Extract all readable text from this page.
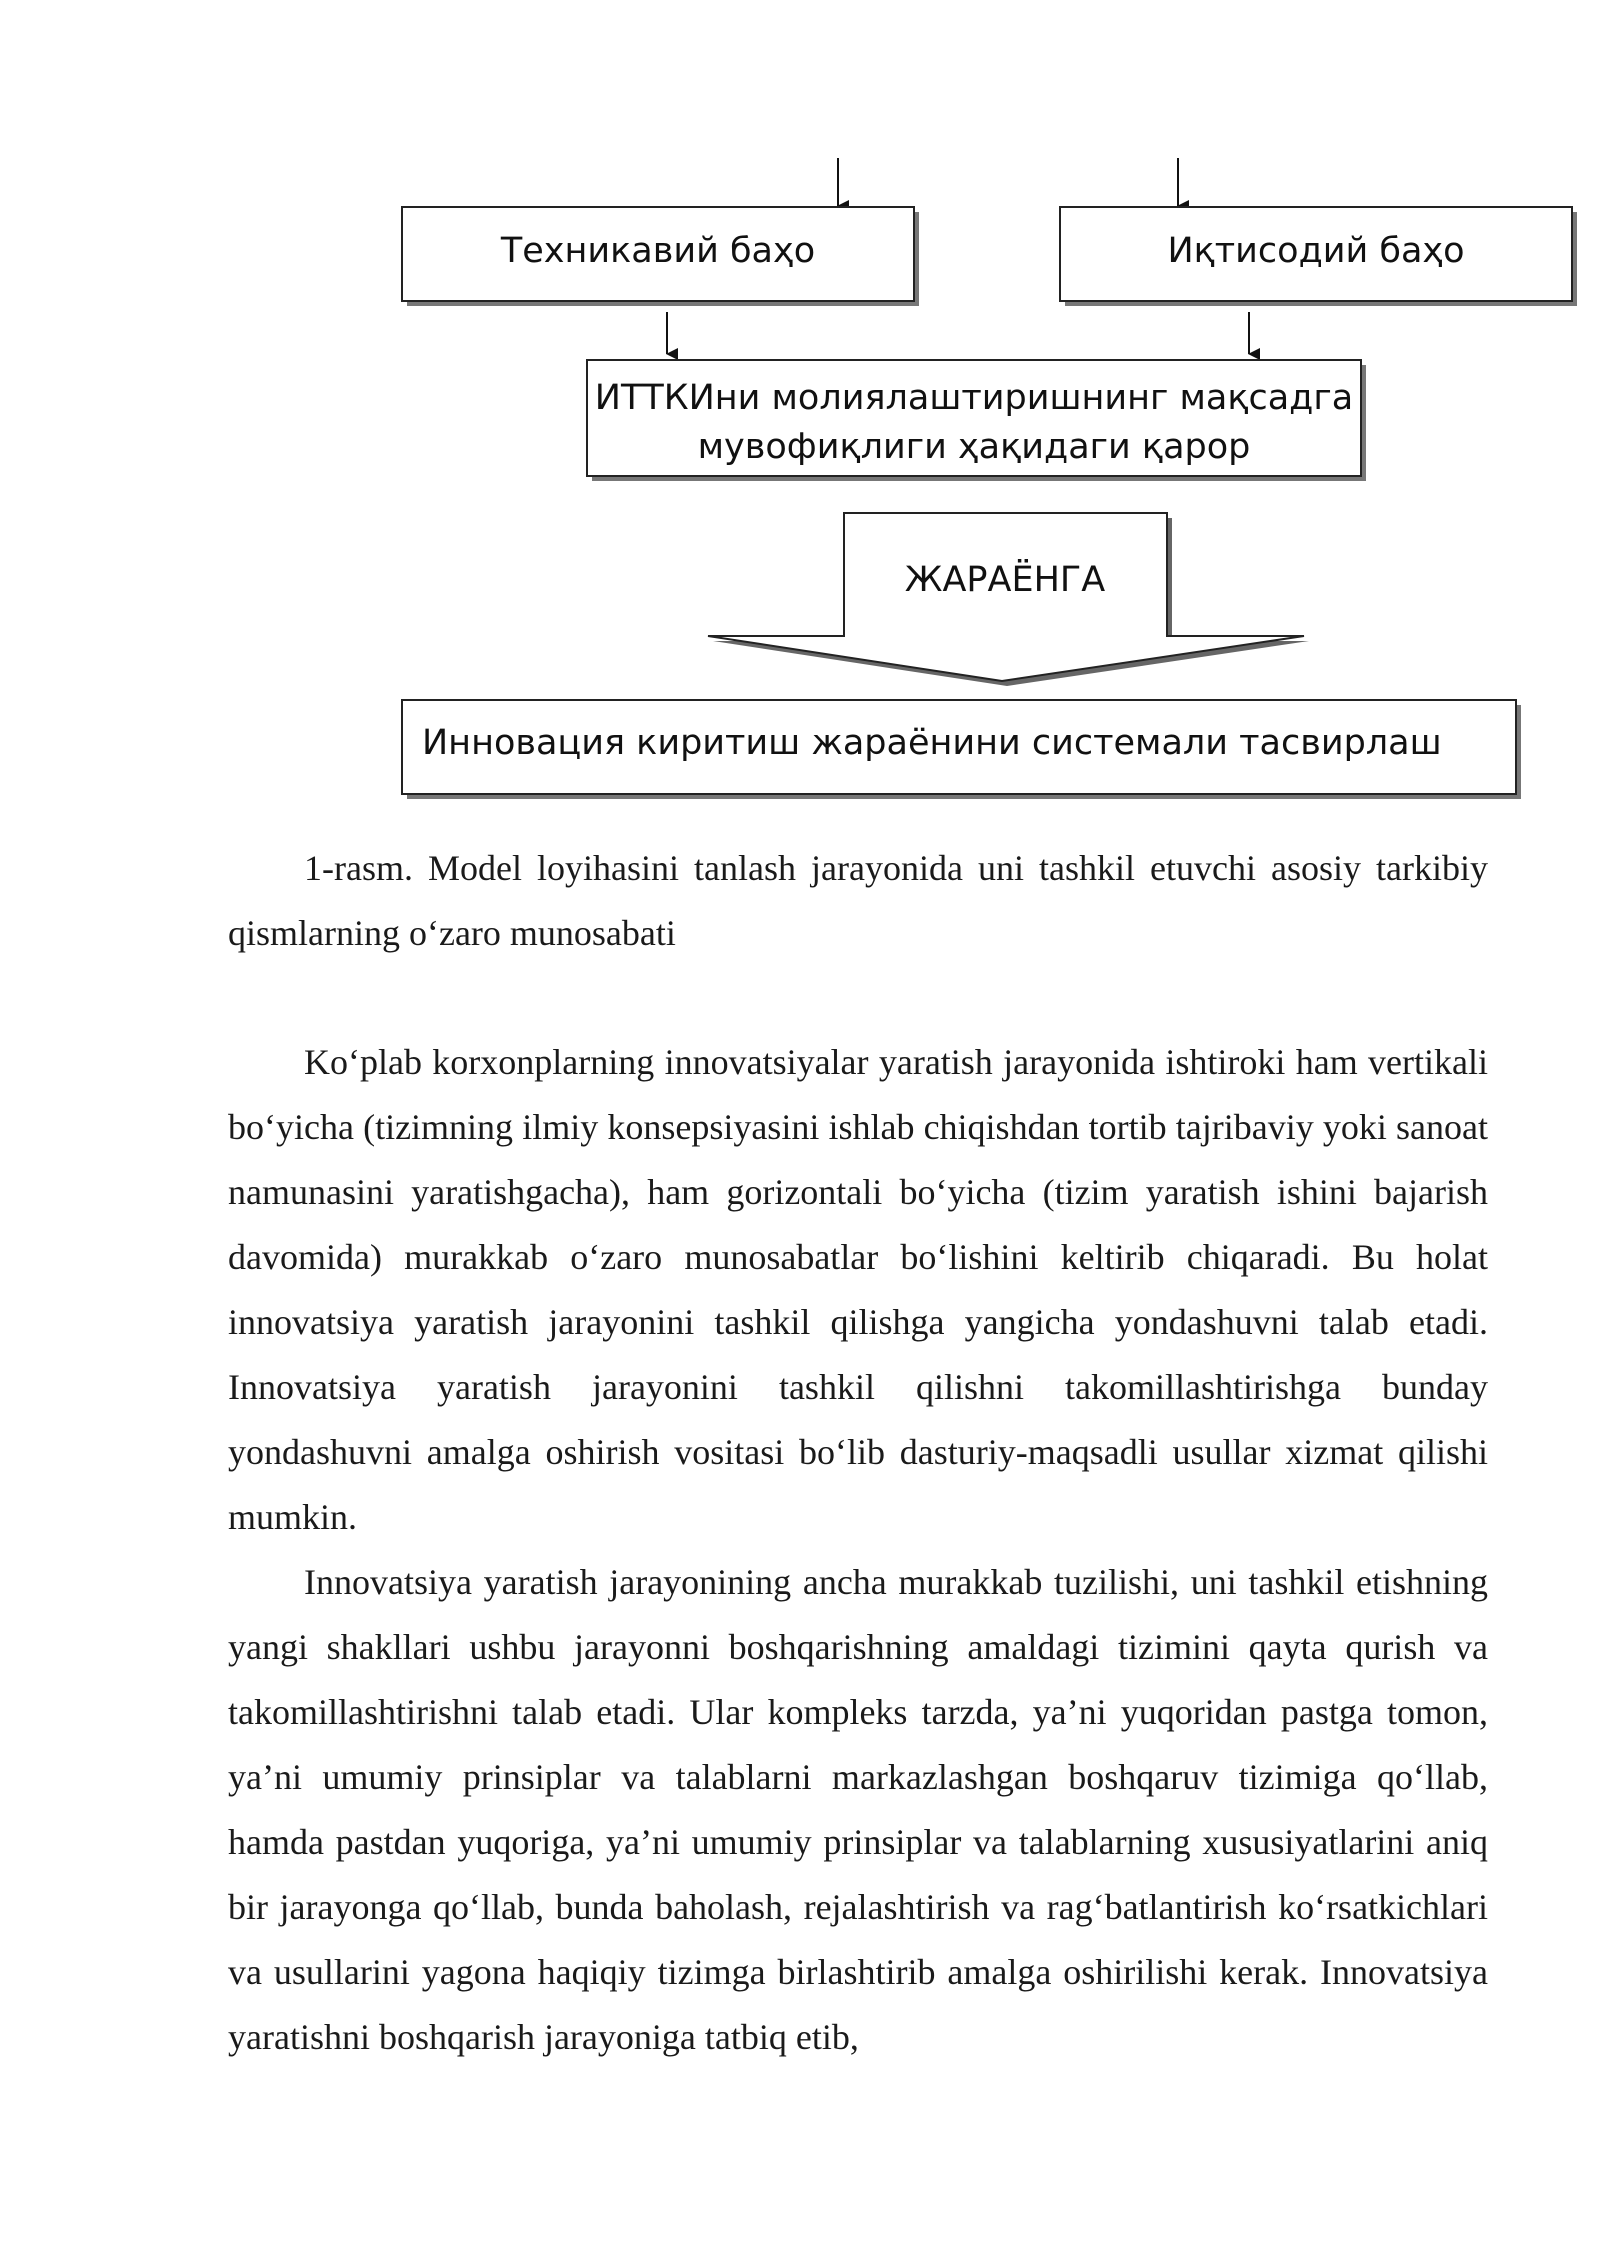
Техникавий баҳо	Иқтисодий баҳо
ИТТКИни молиялаштиришнинг мақсадга
мувофиқлиги ҳақидаги қарор
ЖАРАЁНГА
Инновация киритиш жараёнини системали тасвирлаш

1-rasm. Model loyihasini tanlash jarayonida uni tashkil etuvchi asosiy tarkibiy qismlarning o‘zaro munosabati

Ko‘plab korxonplarning innovatsiyalar yaratish jarayonida ishtiroki ham vertikali bo‘yicha (tizimning ilmiy konsepsiyasini ishlab chiqishdan tortib tajribaviy yoki sanoat namunasini yaratishgacha), ham gorizontali bo‘yicha (tizim yaratish ishini bajarish davomida) murakkab o‘zaro munosabatlar bo‘lishini keltirib chiqaradi. Bu holat innovatsiya yaratish jarayonini tashkil qilishga yangicha yondashuvni talab etadi. Innovatsiya yaratish jarayonini tashkil qilishni takomillashtirishga bunday yondashuvni amalga oshirish vositasi bo‘lib dasturiy-maqsadli usullar xizmat qilishi mumkin.

Innovatsiya yaratish jarayonining ancha murakkab tuzilishi, uni tashkil etishning yangi shakllari ushbu jarayonni boshqarishning amaldagi tizimini qayta qurish va takomillashtirishni talab etadi. Ular kompleks tarzda, ya’ni yuqoridan pastga tomon, ya’ni umumiy prinsiplar va talablarni markazlashgan boshqaruv tizimiga qo‘llab, hamda pastdan yuqoriga, ya’ni umumiy prinsiplar va talablarning xususiyatlarini aniq bir jarayonga qo‘llab, bunda baholash, rejalashtirish va rag‘batlantirish ko‘rsatkichlari va usullarini yagona haqiqiy tizimga birlashtirib amalga oshirilishi kerak. Innovatsiya yaratishni boshqarish jarayoniga tatbiq etib,
